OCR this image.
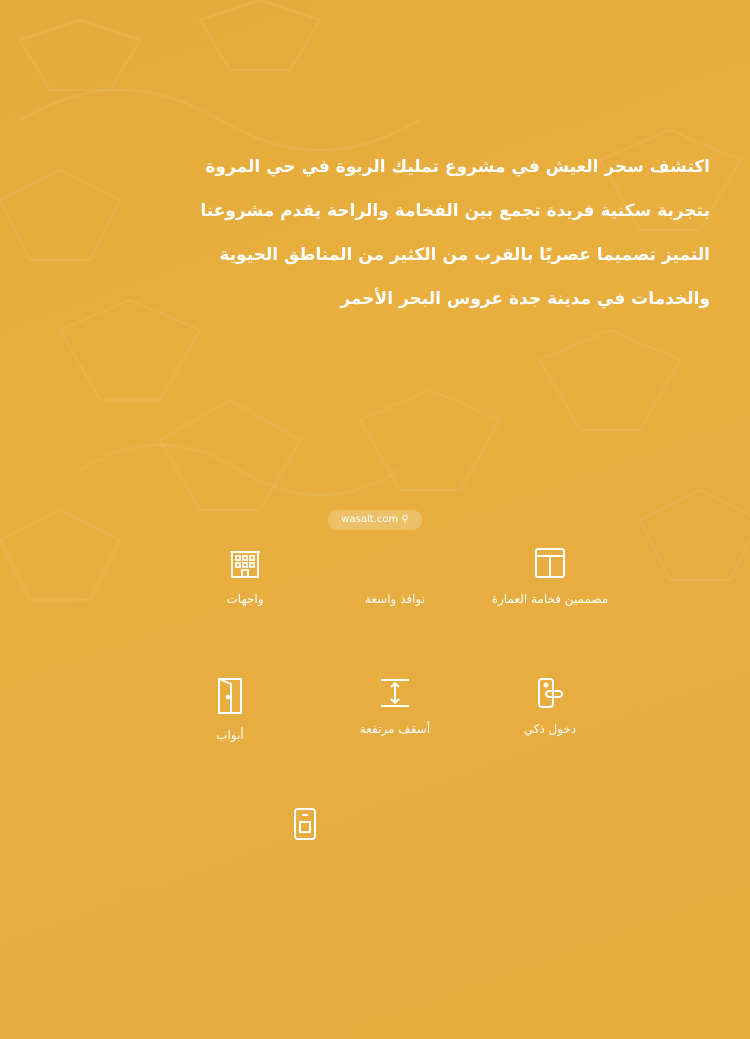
اكتشف سحر العيش في مشروع تمليك الربوة في حي المروة

بتجربة سكنية فريدة تجمع بين الفخامة والراحة يقدم مشروعنا

التميز تصميما عصريًا بالقرب من الكثير من المناطق الحيوية

والخدمات في مدينة جدة عروس البحر الأحمر

wasalt.com ⚲
مصممين فخامة العمارة
نوافذ واسعة
واجهات
دخول ذكي
أسقف مرتفعة
أبواب
